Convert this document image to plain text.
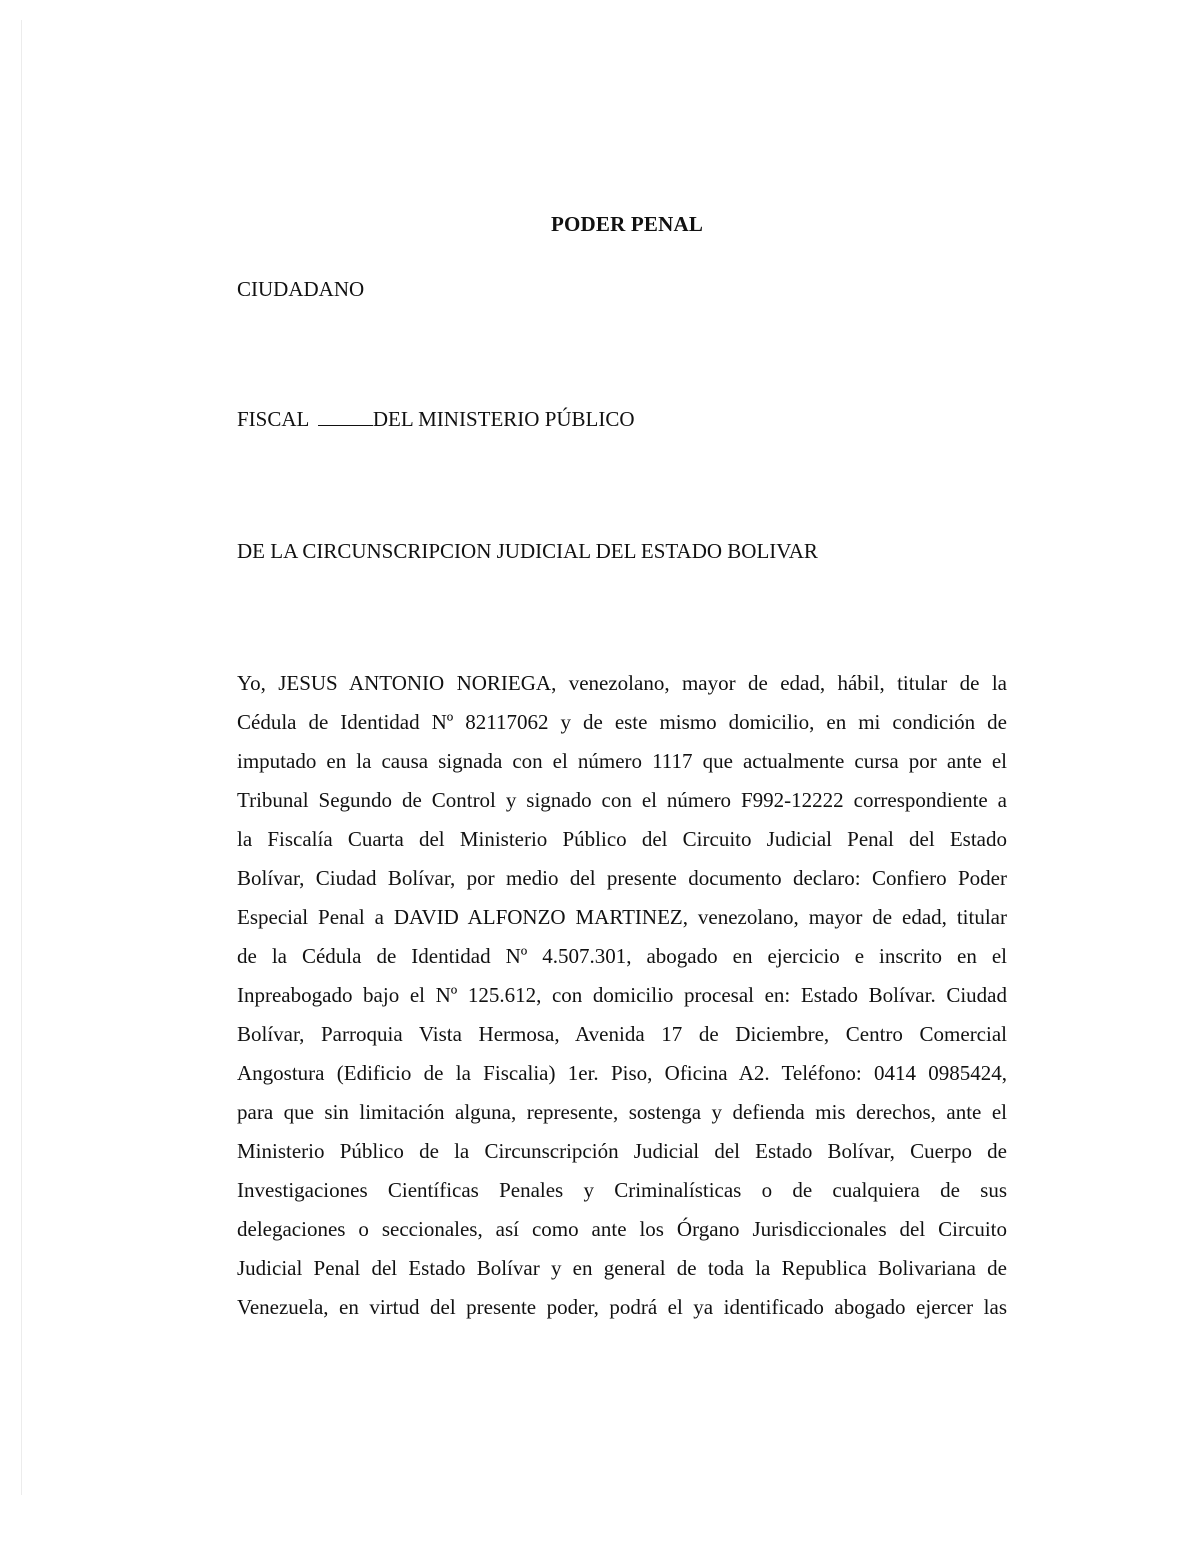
PODER PENAL
CIUDADANO
FISCAL	DEL MINISTERIO PÚBLICO
DE LA CIRCUNSCRIPCION JUDICIAL DEL ESTADO BOLIVAR
Yo, JESUS ANTONIO NORIEGA, venezolano, mayor de edad, hábil, titular de la
Cédula de Identidad Nº 82117062 y de este mismo domicilio, en mi condición de
imputado en la causa signada con el número 1117 que actualmente cursa por ante el
Tribunal Segundo de Control y signado con el número F992-12222 correspondiente a
la Fiscalía Cuarta del Ministerio Público del Circuito Judicial Penal del Estado
Bolívar, Ciudad Bolívar, por medio del presente documento declaro: Confiero Poder
Especial Penal a DAVID ALFONZO MARTINEZ, venezolano, mayor de edad, titular
de la Cédula de Identidad Nº 4.507.301, abogado en ejercicio e inscrito en el
Inpreabogado bajo el Nº 125.612, con domicilio procesal en: Estado Bolívar. Ciudad
Bolívar, Parroquia Vista Hermosa, Avenida 17 de Diciembre, Centro Comercial
Angostura (Edificio de la Fiscalia) 1er. Piso, Oficina A2. Teléfono: 0414 0985424,
para que sin limitación alguna, represente, sostenga y defienda mis derechos, ante el
Ministerio Público de la Circunscripción Judicial del Estado Bolívar, Cuerpo de
Investigaciones Científicas Penales y Criminalísticas o de cualquiera de sus
delegaciones o seccionales, así como ante los Órgano Jurisdiccionales del Circuito
Judicial Penal del Estado Bolívar y en general de toda la Republica Bolivariana de
Venezuela, en virtud del presente poder, podrá el ya identificado abogado ejercer las
